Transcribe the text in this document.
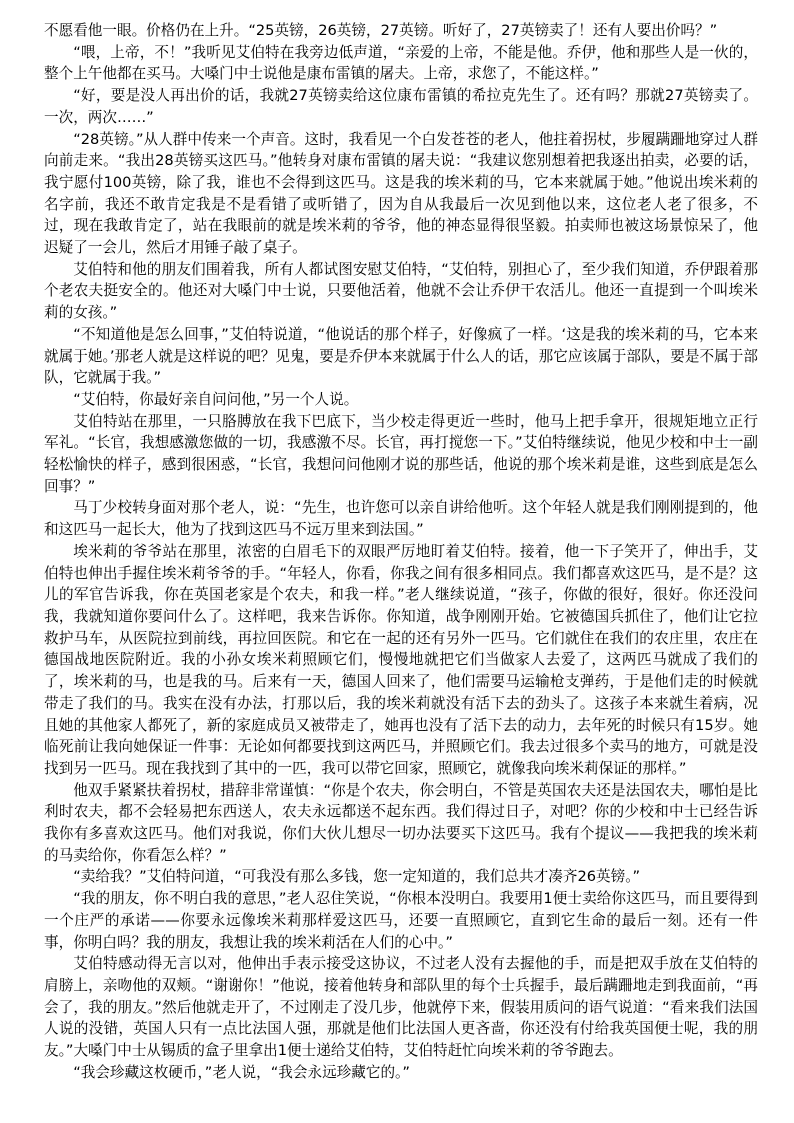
不愿看他一眼。价格仍在上升。“25英镑，26英镑，27英镑。听好了，27英镑卖了！还有人要出价吗？”

“喂，上帝，不！”我听见艾伯特在我旁边低声道，“亲爱的上帝，不能是他。乔伊，他和那些人是一伙的，整个上午他都在买马。大嗓门中士说他是康布雷镇的屠夫。上帝，求您了，不能这样。”

“好，要是没人再出价的话，我就27英镑卖给这位康布雷镇的希拉克先生了。还有吗？那就27英镑卖了。一次，两次……”

“28英镑。”从人群中传来一个声音。这时，我看见一个白发苍苍的老人，他拄着拐杖，步履蹒跚地穿过人群向前走来。“我出28英镑买这匹马。”他转身对康布雷镇的屠夫说：“我建议您别想着把我逐出拍卖，必要的话，我宁愿付100英镑，除了我，谁也不会得到这匹马。这是我的埃米莉的马，它本来就属于她。”他说出埃米莉的名字前，我还不敢肯定我是不是看错了或听错了，因为自从我最后一次见到他以来，这位老人老了很多，不过，现在我敢肯定了，站在我眼前的就是埃米莉的爷爷，他的神态显得很坚毅。拍卖师也被这场景惊呆了，他迟疑了一会儿，然后才用锤子敲了桌子。

艾伯特和他的朋友们围着我，所有人都试图安慰艾伯特，“艾伯特，别担心了，至少我们知道，乔伊跟着那个老农夫挺安全的。他还对大嗓门中士说，只要他活着，他就不会让乔伊干农活儿。他还一直提到一个叫埃米莉的女孩。”

“不知道他是怎么回事，”艾伯特说道，“他说话的那个样子，好像疯了一样。‘这是我的埃米莉的马，它本来就属于她。’那老人就是这样说的吧？见鬼，要是乔伊本来就属于什么人的话，那它应该属于部队，要是不属于部队，它就属于我。”

“艾伯特，你最好亲自问问他，”另一个人说。

艾伯特站在那里，一只胳膊放在我下巴底下，当少校走得更近一些时，他马上把手拿开，很规矩地立正行军礼。“长官，我想感激您做的一切，我感激不尽。长官，再打搅您一下。”艾伯特继续说，他见少校和中士一副轻松愉快的样子，感到很困惑，“长官，我想问问他刚才说的那些话，他说的那个埃米莉是谁，这些到底是怎么回事？”

马丁少校转身面对那个老人，说：“先生，也许您可以亲自讲给他听。这个年轻人就是我们刚刚提到的，他和这匹马一起长大，他为了找到这匹马不远万里来到法国。”

埃米莉的爷爷站在那里，浓密的白眉毛下的双眼严厉地盯着艾伯特。接着，他一下子笑开了，伸出手，艾伯特也伸出手握住埃米莉爷爷的手。“年轻人，你看，你我之间有很多相同点。我们都喜欢这匹马，是不是？这儿的军官告诉我，你在英国老家是个农夫，和我一样。”老人继续说道，“孩子，你做的很好，很好。你还没问我，我就知道你要问什么了。这样吧，我来告诉你。你知道，战争刚刚开始。它被德国兵抓住了，他们让它拉救护马车，从医院拉到前线，再拉回医院。和它在一起的还有另外一匹马。它们就住在我们的农庄里，农庄在德国战地医院附近。我的小孙女埃米莉照顾它们，慢慢地就把它们当做家人去爱了，这两匹马就成了我们的了，埃米莉的马，也是我的马。后来有一天，德国人回来了，他们需要马运输枪支弹药，于是他们走的时候就带走了我们的马。我实在没有办法，打那以后，我的埃米莉就没有活下去的劲头了。这孩子本来就生着病，况且她的其他家人都死了，新的家庭成员又被带走了，她再也没有了活下去的动力，去年死的时候只有15岁。她临死前让我向她保证一件事：无论如何都要找到这两匹马，并照顾它们。我去过很多个卖马的地方，可就是没找到另一匹马。现在我找到了其中的一匹，我可以带它回家，照顾它，就像我向埃米莉保证的那样。”

他双手紧紧扶着拐杖，措辞非常谨慎：“你是个农夫，你会明白，不管是英国农夫还是法国农夫，哪怕是比利时农夫，都不会轻易把东西送人，农夫永远都送不起东西。我们得过日子，对吧？你的少校和中士已经告诉我你有多喜欢这匹马。他们对我说，你们大伙儿想尽一切办法要买下这匹马。我有个提议——我把我的埃米莉的马卖给你，你看怎么样？”

“卖给我？”艾伯特问道，“可我没有那么多钱，您一定知道的，我们总共才凑齐26英镑。”

“我的朋友，你不明白我的意思，”老人忍住笑说，“你根本没明白。我要用1便士卖给你这匹马，而且要得到一个庄严的承诺——你要永远像埃米莉那样爱这匹马，还要一直照顾它，直到它生命的最后一刻。还有一件事，你明白吗？我的朋友，我想让我的埃米莉活在人们的心中。”

艾伯特感动得无言以对，他伸出手表示接受这协议，不过老人没有去握他的手，而是把双手放在艾伯特的肩膀上，亲吻他的双颊。“谢谢你！”他说，接着他转身和部队里的每个士兵握手，最后蹒跚地走到我面前，“再会了，我的朋友。”然后他就走开了，不过刚走了没几步，他就停下来，假装用质问的语气说道：“看来我们法国人说的没错，英国人只有一点比法国人强，那就是他们比法国人更吝啬，你还没有付给我英国便士呢，我的朋友。”大嗓门中士从锡质的盒子里拿出1便士递给艾伯特，艾伯特赶忙向埃米莉的爷爷跑去。

“我会珍藏这枚硬币，”老人说，“我会永远珍藏它的。”
